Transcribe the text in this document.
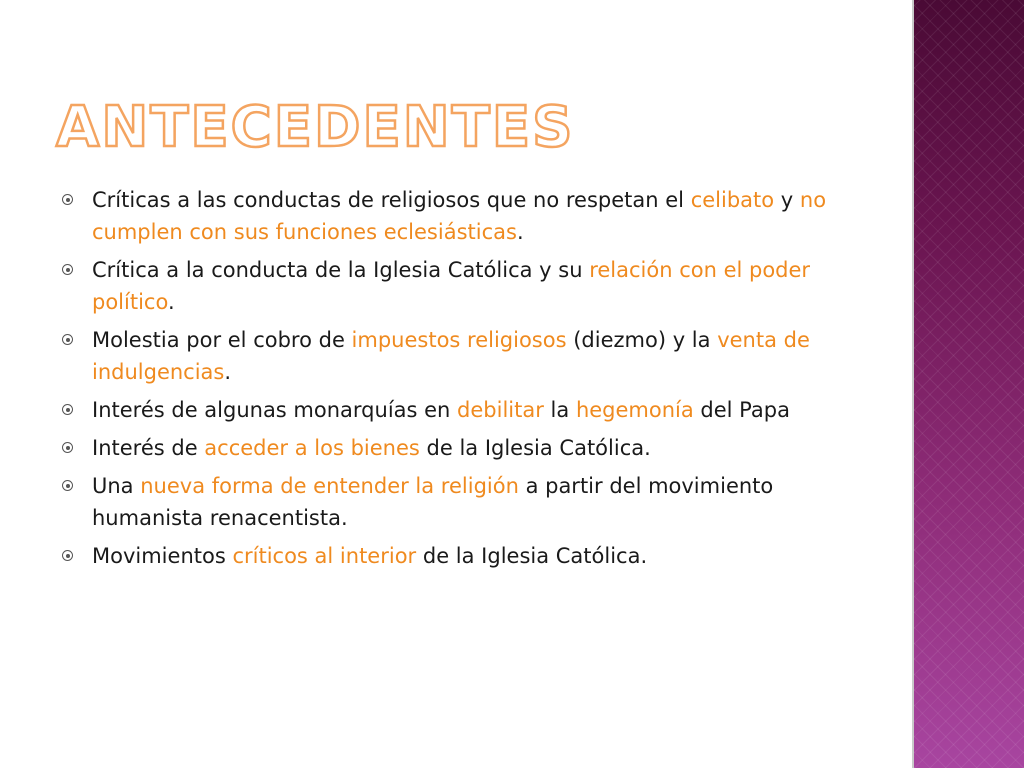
ANTECEDENTES
Críticas a las conductas de religiosos que no respetan el celibato y no cumplen con sus funciones eclesiásticas.
Crítica a la conducta de la Iglesia Católica y su relación con el poder político.
Molestia por el cobro de impuestos religiosos (diezmo) y la venta de indulgencias.
Interés de algunas monarquías en debilitar la hegemonía del Papa
Interés de acceder a los bienes de la Iglesia Católica.
Una nueva forma de entender la religión a partir del movimiento humanista renacentista.
Movimientos críticos al interior de la Iglesia Católica.
